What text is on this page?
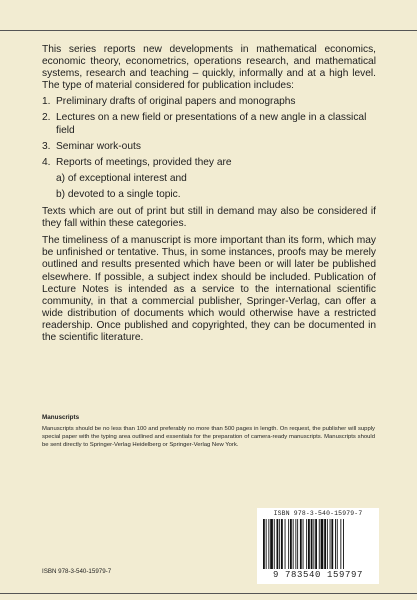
This series reports new developments in mathematical economics, economic theory, econometrics, operations research, and mathematical systems, research and teaching – quickly, informally and at a high level. The type of material considered for publication includes:

1. Preliminary drafts of original papers and monographs
2. Lectures on a new field or presentations of a new angle in a classical field
3. Seminar work-outs
4. Reports of meetings, provided they are
a) of exceptional interest and
b) devoted to a single topic.

Texts which are out of print but still in demand may also be considered if they fall within these categories.

The timeliness of a manuscript is more important than its form, which may be unfinished or tentative. Thus, in some instances, proofs may be merely outlined and results presented which have been or will later be published elsewhere. If possible, a subject index should be included. Publication of Lecture Notes is intended as a service to the international scientific community, in that a commercial publisher, Springer-Verlag, can offer a wide distribution of documents which would otherwise have a restricted readership. Once published and copyrighted, they can be documented in the scientific literature.

Manuscripts
Manuscripts should be no less than 100 and preferably no more than 500 pages in length. On request, the publisher will supply special paper with the typing area outlined and essentials for the preparation of camera-ready manuscripts. Manuscripts should be sent directly to Springer-Verlag Heidelberg or Springer-Verlag New York.
ISBN 978-3-540-15979-7
9 783540 159797
ISBN 978-3-540-15979-7
